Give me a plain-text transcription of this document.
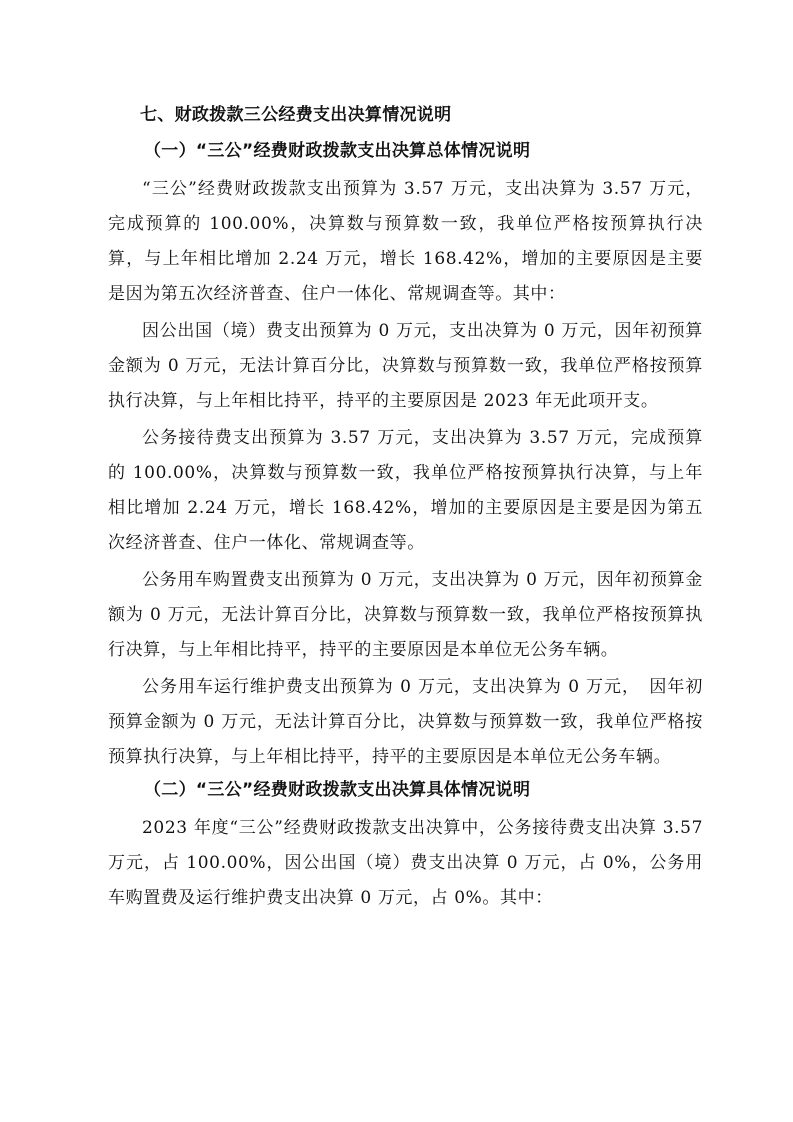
七、财政拨款三公经费支出决算情况说明

（一）“三公”经费财政拨款支出决算总体情况说明

“三公”经费财政拨款支出预算为 3.57 万元，支出决算为 3.57 万元，完成预算的 100.00%，决算数与预算数一致，我单位严格按预算执行决算，与上年相比增加 2.24 万元，增长 168.42%，增加的主要原因是主要是因为第五次经济普查、住户一体化、常规调查等。其中：

因公出国（境）费支出预算为 0 万元，支出决算为 0 万元，因年初预算金额为 0 万元，无法计算百分比，决算数与预算数一致，我单位严格按预算执行决算，与上年相比持平，持平的主要原因是 2023 年无此项开支。

公务接待费支出预算为 3.57 万元，支出决算为 3.57 万元，完成预算的 100.00%，决算数与预算数一致，我单位严格按预算执行决算，与上年相比增加 2.24 万元，增长 168.42%，增加的主要原因是主要是因为第五次经济普查、住户一体化、常规调查等。

公务用车购置费支出预算为 0 万元，支出决算为 0 万元，因年初预算金额为 0 万元，无法计算百分比，决算数与预算数一致，我单位严格按预算执行决算，与上年相比持平，持平的主要原因是本单位无公务车辆。

公务用车运行维护费支出预算为 0 万元，支出决算为 0 万元，　因年初预算金额为 0 万元，无法计算百分比，决算数与预算数一致，我单位严格按预算执行决算，与上年相比持平，持平的主要原因是本单位无公务车辆。

（二）“三公”经费财政拨款支出决算具体情况说明

2023 年度“三公”经费财政拨款支出决算中，公务接待费支出决算 3.57 万元，占 100.00%，因公出国（境）费支出决算 0 万元，占 0%，公务用车购置费及运行维护费支出决算 0 万元，占 0%。其中：
